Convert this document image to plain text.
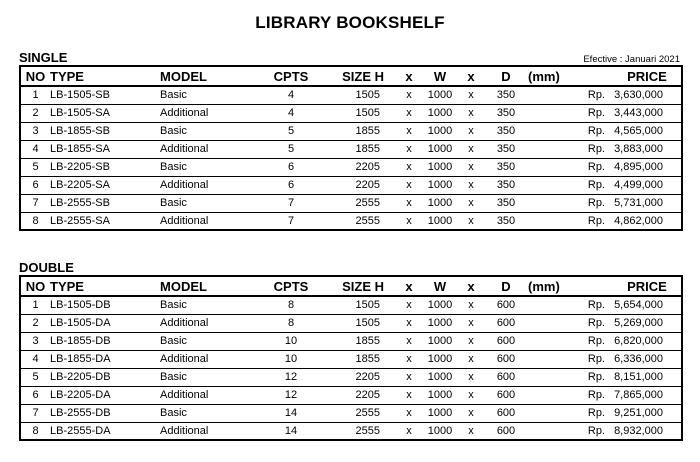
LIBRARY BOOKSHELF
SINGLE	Efective : Januari 2021
NO	TYPE	MODEL	CPTS	SIZE H	x	W	x	D	(mm)		PRICE
1	LB-1505-SB	Basic	4	1505	x	1000	x	350		Rp.	3,630,000
2	LB-1505-SA	Additional	4	1505	x	1000	x	350		Rp.	3,443,000
3	LB-1855-SB	Basic	5	1855	x	1000	x	350		Rp.	4,565,000
4	LB-1855-SA	Additional	5	1855	x	1000	x	350		Rp.	3,883,000
5	LB-2205-SB	Basic	6	2205	x	1000	x	350		Rp.	4,895,000
6	LB-2205-SA	Additional	6	2205	x	1000	x	350		Rp.	4,499,000
7	LB-2555-SB	Basic	7	2555	x	1000	x	350		Rp.	5,731,000
8	LB-2555-SA	Additional	7	2555	x	1000	x	350		Rp.	4,862,000
DOUBLE
NO	TYPE	MODEL	CPTS	SIZE H	x	W	x	D	(mm)		PRICE
1	LB-1505-DB	Basic	8	1505	x	1000	x	600		Rp.	5,654,000
2	LB-1505-DA	Additional	8	1505	x	1000	x	600		Rp.	5,269,000
3	LB-1855-DB	Basic	10	1855	x	1000	x	600		Rp.	6,820,000
4	LB-1855-DA	Additional	10	1855	x	1000	x	600		Rp.	6,336,000
5	LB-2205-DB	Basic	12	2205	x	1000	x	600		Rp.	8,151,000
6	LB-2205-DA	Additional	12	2205	x	1000	x	600		Rp.	7,865,000
7	LB-2555-DB	Basic	14	2555	x	1000	x	600		Rp.	9,251,000
8	LB-2555-DA	Additional	14	2555	x	1000	x	600		Rp.	8,932,000
